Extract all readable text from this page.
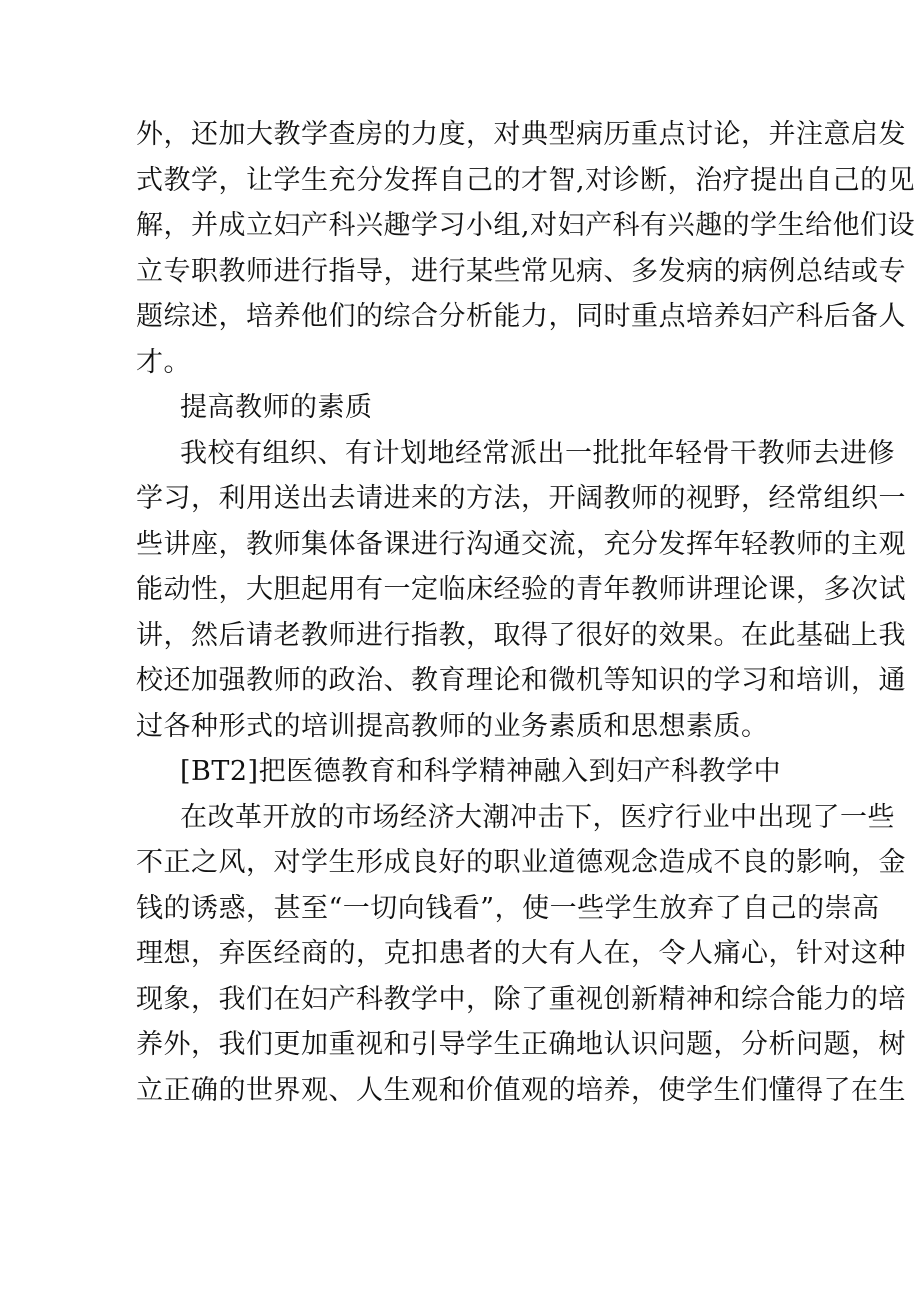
外，还加大教学查房的力度，对典型病历重点讨论，并注意启发
式教学，让学生充分发挥自己的才智,对诊断，治疗提出自己的见
解，并成立妇产科兴趣学习小组,对妇产科有兴趣的学生给他们设
立专职教师进行指导，进行某些常见病、多发病的病例总结或专
题综述，培养他们的综合分析能力，同时重点培养妇产科后备人
才。

提高教师的素质

我校有组织、有计划地经常派出一批批年轻骨干教师去进修
学习，利用送出去请进来的方法，开阔教师的视野，经常组织一
些讲座，教师集体备课进行沟通交流，充分发挥年轻教师的主观
能动性，大胆起用有一定临床经验的青年教师讲理论课，多次试
讲，然后请老教师进行指教，取得了很好的效果。在此基础上我
校还加强教师的政治、教育理论和微机等知识的学习和培训，通
过各种形式的培训提高教师的业务素质和思想素质。

[BT2]把医德教育和科学精神融入到妇产科教学中

在改革开放的市场经济大潮冲击下，医疗行业中出现了一些
不正之风，对学生形成良好的职业道德观念造成不良的影响，金
钱的诱惑，甚至“一切向钱看”，使一些学生放弃了自己的崇高
理想，弃医经商的，克扣患者的大有人在，令人痛心，针对这种
现象，我们在妇产科教学中，除了重视创新精神和综合能力的培
养外，我们更加重视和引导学生正确地认识问题，分析问题，树
立正确的世界观、人生观和价值观的培养，使学生们懂得了在生
